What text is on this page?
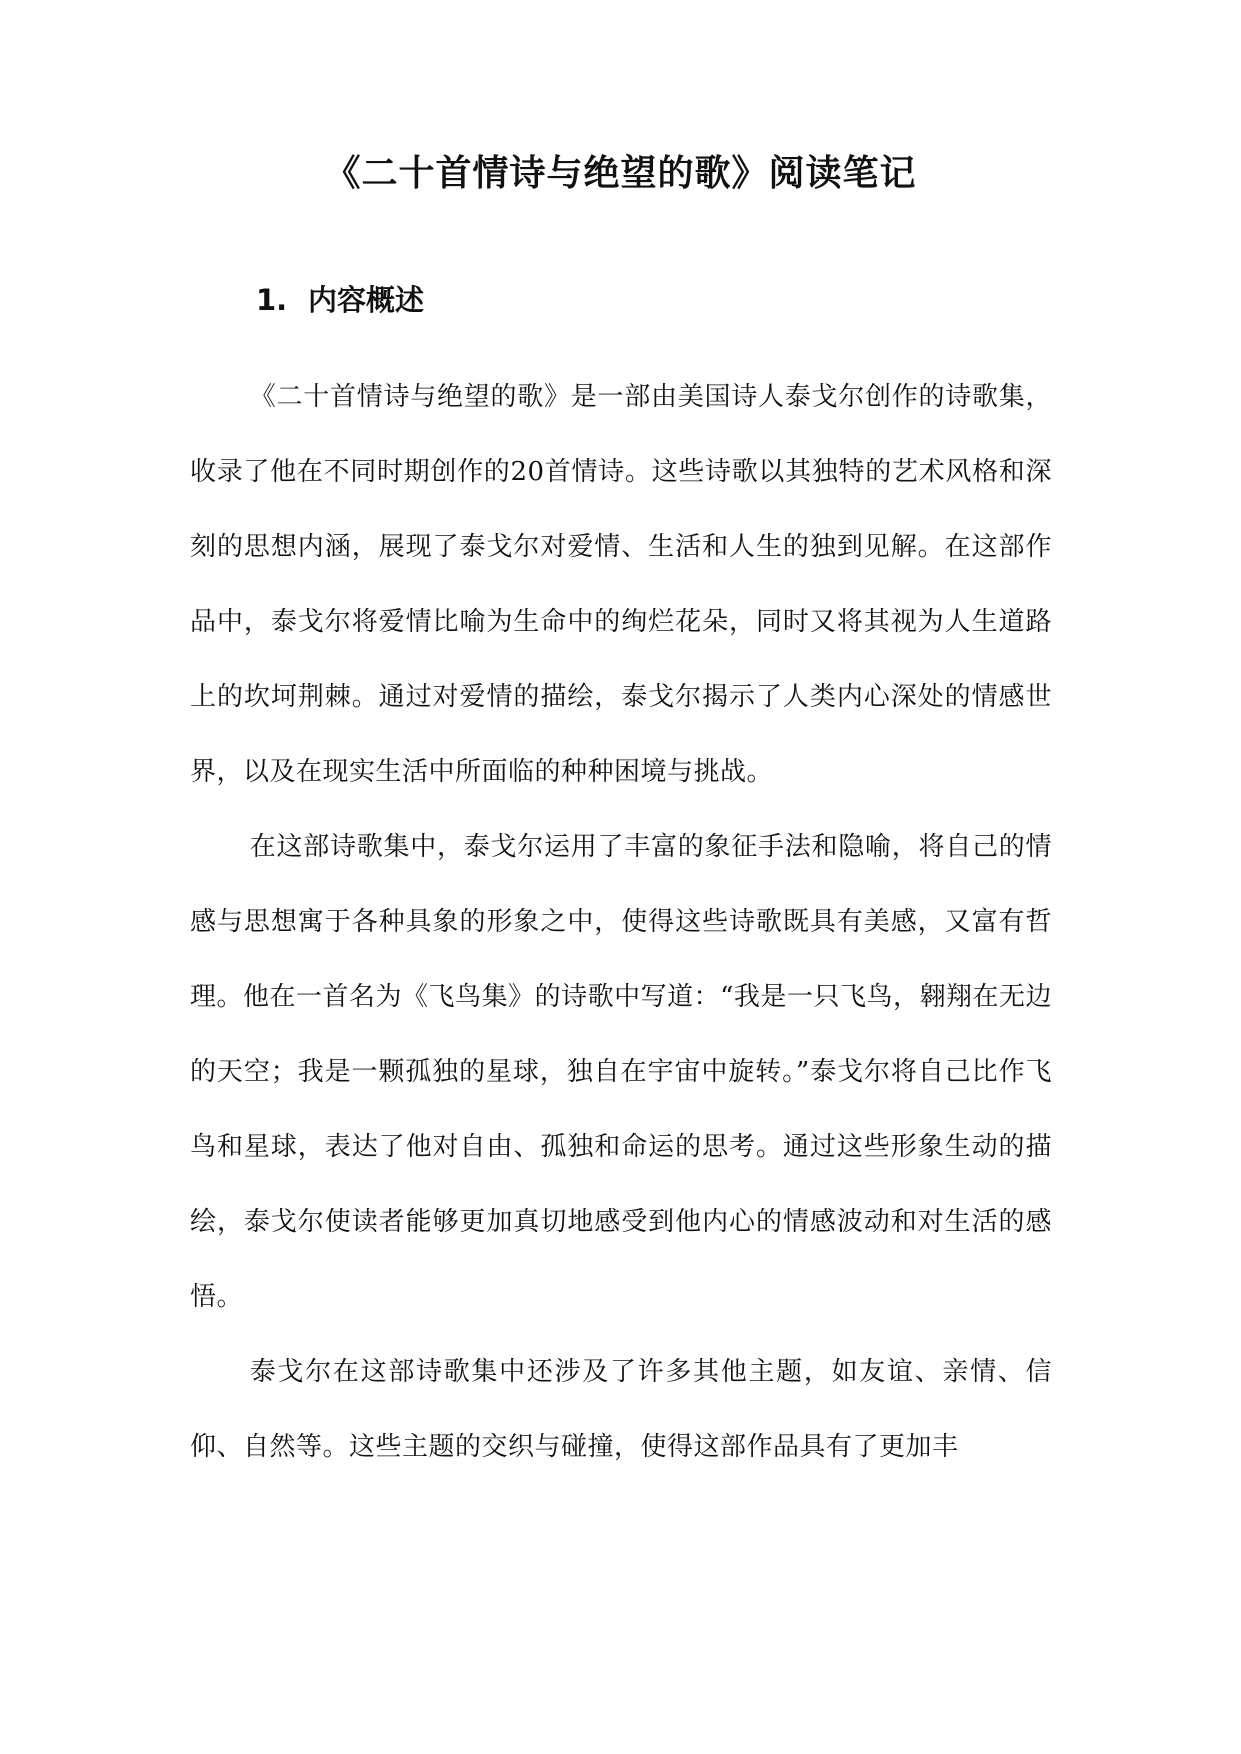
《二十首情诗与绝望的歌》阅读笔记
1. 内容概述

《二十首情诗与绝望的歌》是一部由美国诗人泰戈尔创作的诗歌集，收录了他在不同时期创作的20首情诗。这些诗歌以其独特的艺术风格和深刻的思想内涵，展现了泰戈尔对爱情、生活和人生的独到见解。在这部作品中，泰戈尔将爱情比喻为生命中的绚烂花朵，同时又将其视为人生道路上的坎坷荆棘。通过对爱情的描绘，泰戈尔揭示了人类内心深处的情感世界，以及在现实生活中所面临的种种困境与挑战。

在这部诗歌集中，泰戈尔运用了丰富的象征手法和隐喻，将自己的情感与思想寓于各种具象的形象之中，使得这些诗歌既具有美感，又富有哲理。他在一首名为《飞鸟集》的诗歌中写道：“我是一只飞鸟，翱翔在无边的天空；我是一颗孤独的星球，独自在宇宙中旋转。”泰戈尔将自己比作飞鸟和星球，表达了他对自由、孤独和命运的思考。通过这些形象生动的描绘，泰戈尔使读者能够更加真切地感受到他内心的情感波动和对生活的感悟。

泰戈尔在这部诗歌集中还涉及了许多其他主题，如友谊、亲情、信仰、自然等。这些主题的交织与碰撞，使得这部作品具有了更加丰
